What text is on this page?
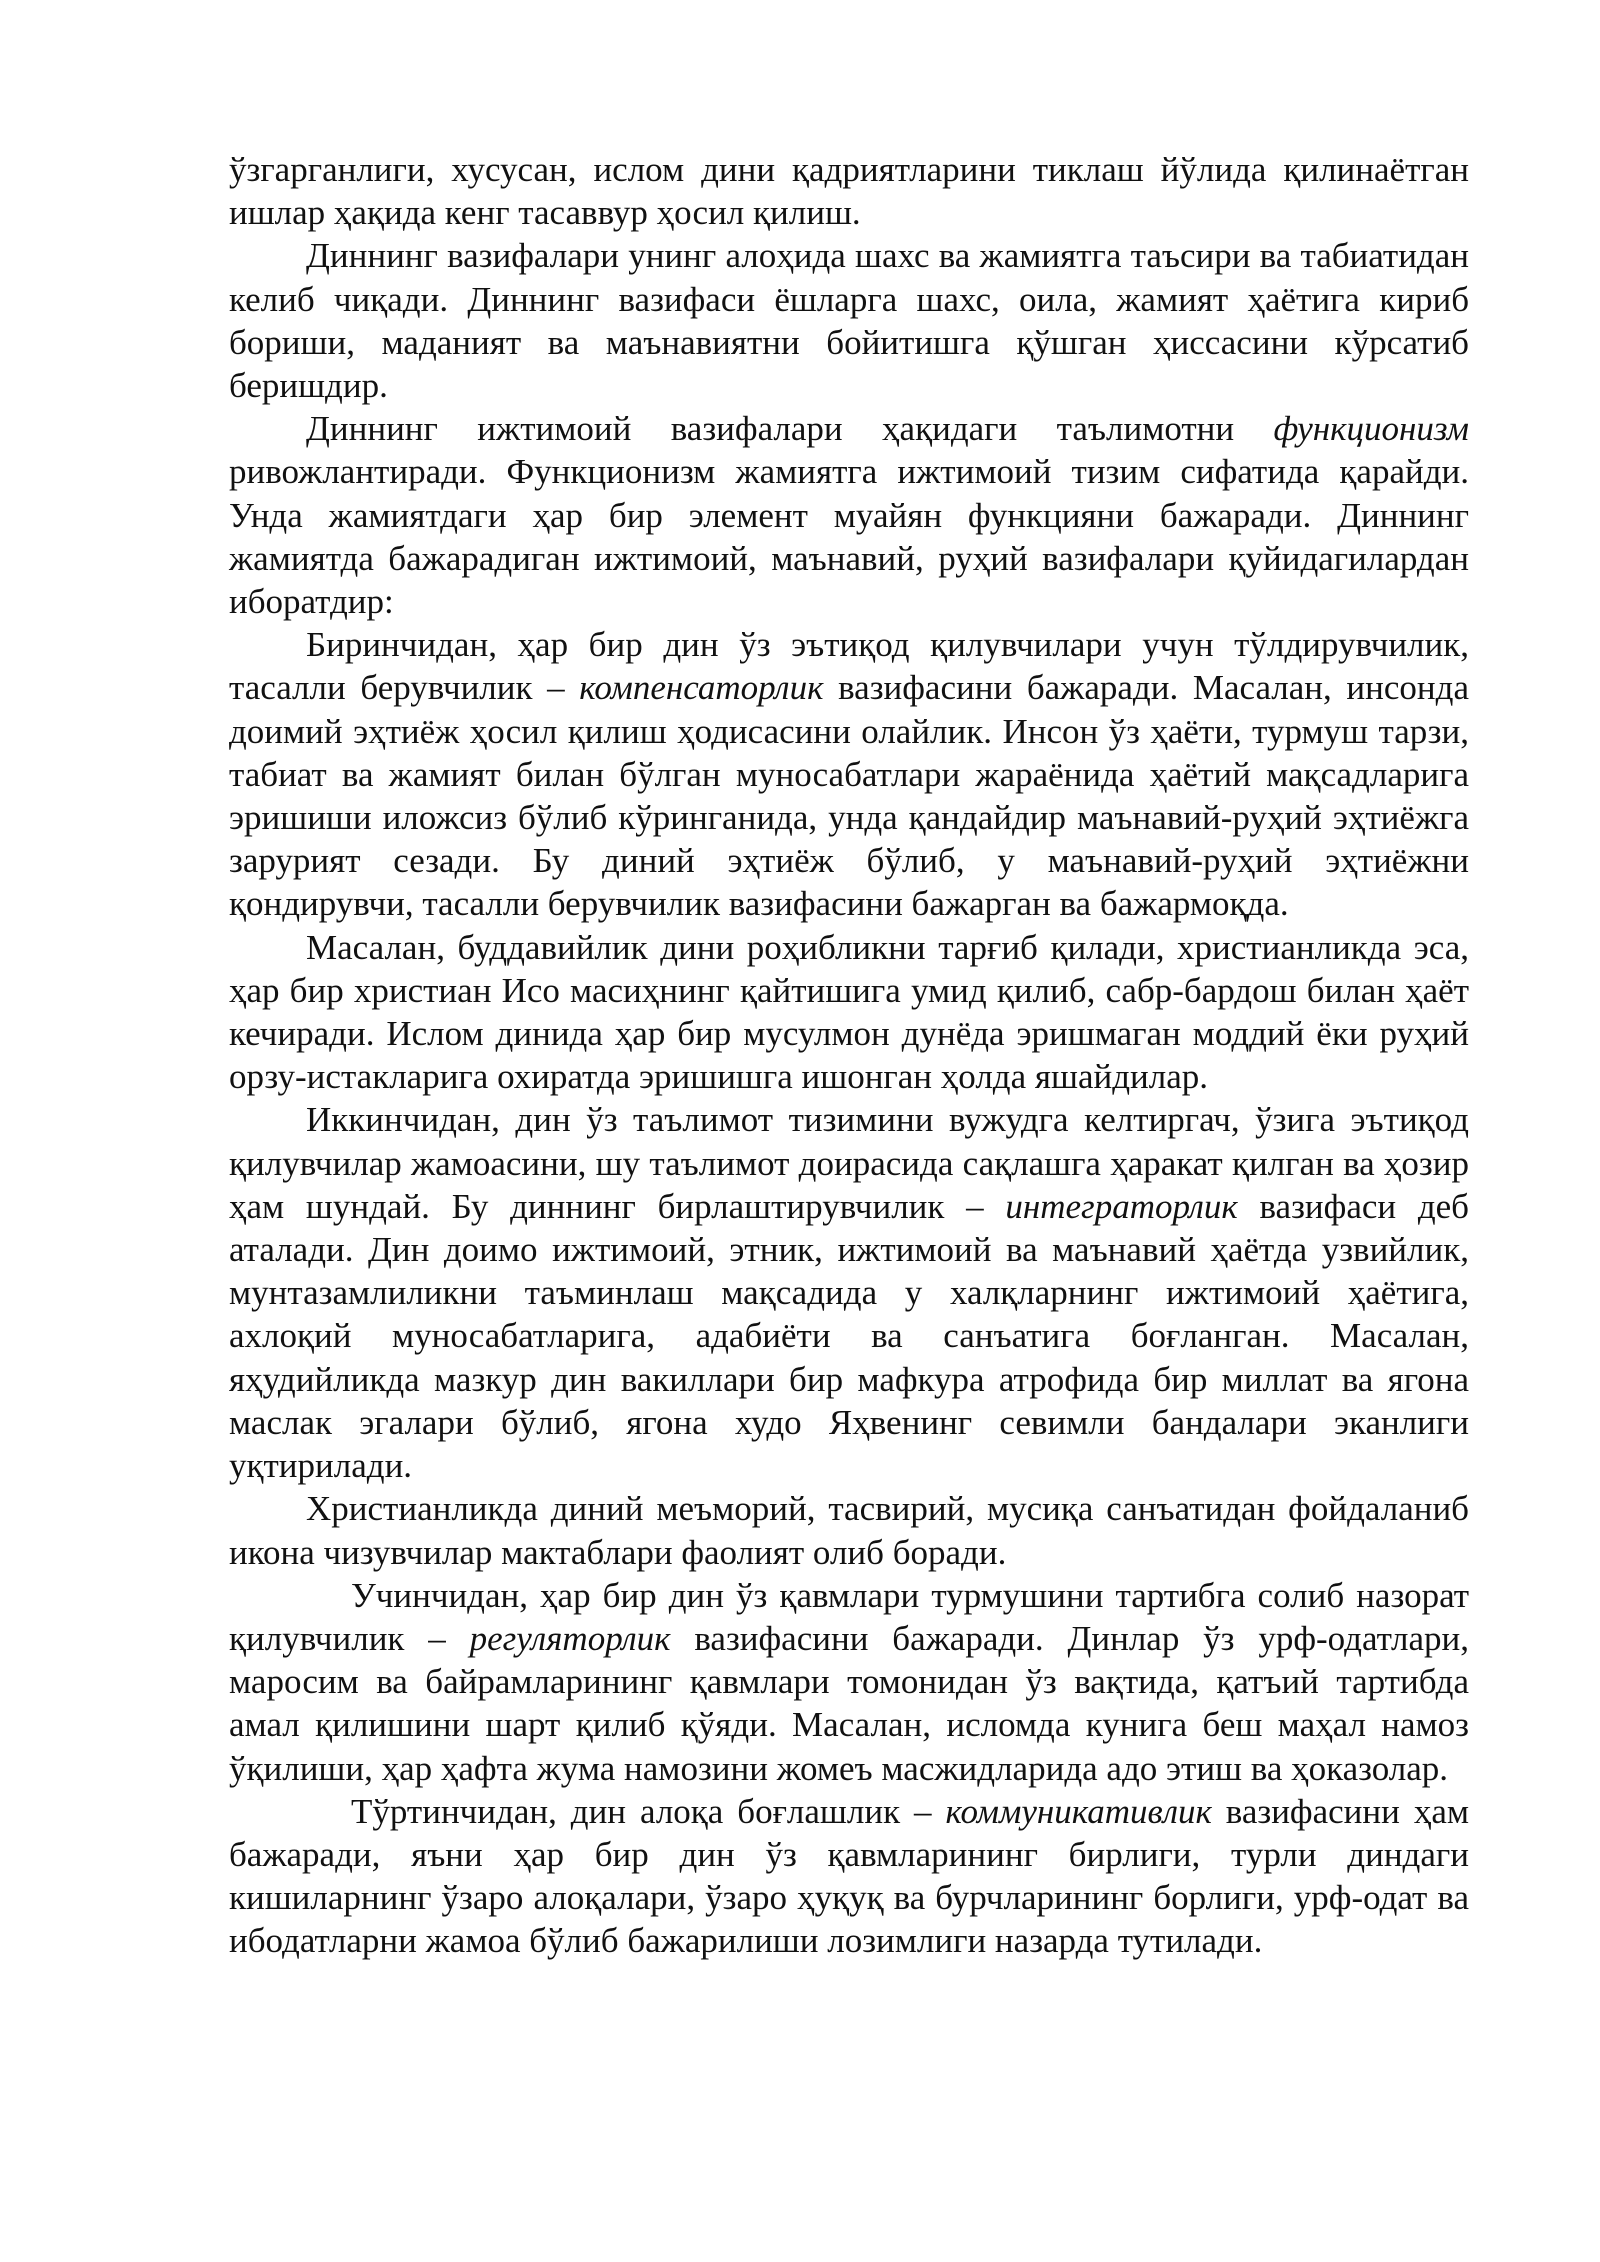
ўзгарганлиги, хусусан, ислом дини қадриятларини тиклаш йўлида қилинаётган ишлар ҳақида кенг тасаввур ҳосил қилиш.

Диннинг вазифалари унинг алоҳида шахс ва жамиятга таъсири ва табиатидан келиб чиқади. Диннинг вазифаси ёшларга шахс, оила, жамият ҳаётига кириб бориши, маданият ва маънавиятни бойитишга қўшган ҳиссасини кўрсатиб беришдир.

Диннинг ижтимоий вазифалари ҳақидаги таълимотни функционизм ривожлантиради. Функционизм жамиятга ижтимоий тизим сифатида қарайди. Унда жамиятдаги ҳар бир элемент муайян функцияни бажаради. Диннинг жамиятда бажарадиган ижтимоий, маънавий, руҳий вазифалари қуйидагилардан иборатдир:

Биринчидан, ҳар бир дин ўз эътиқод қилувчилари учун тўлдирувчилик, тасалли берувчилик – компенсаторлик вазифасини бажаради. Масалан, инсонда доимий эҳтиёж ҳосил қилиш ҳодисасини олайлик. Инсон ўз ҳаёти, турмуш тарзи, табиат ва жамият билан бўлган муносабатлари жараёнида ҳаётий мақсадларига эришиши иложсиз бўлиб кўринганида, унда қандайдир маънавий-руҳий эҳтиёжга зарурият сезади. Бу диний эҳтиёж бўлиб, у маънавий-руҳий эҳтиёжни қондирувчи, тасалли берувчилик вазифасини бажарган ва бажармоқда.

Масалан, буддавийлик дини роҳибликни тарғиб қилади, христианликда эса, ҳар бир христиан Исо масиҳнинг қайтишига умид қилиб, сабр-бардош билан ҳаёт кечиради. Ислом динида ҳар бир мусулмон дунёда эришмаган моддий ёки руҳий орзу-истакларига охиратда эришишга ишонган ҳолда яшайдилар.

Иккинчидан, дин ўз таълимот тизимини вужудга келтиргач, ўзига эътиқод қилувчилар жамоасини, шу таълимот доирасида сақлашга ҳаракат қилган ва ҳозир ҳам шундай. Бу диннинг бирлаштирувчилик – интеграторлик вазифаси деб аталади. Дин доимо ижтимоий, этник, ижтимоий ва маънавий ҳаётда узвийлик, мунтазамлиликни таъминлаш мақсадида у халқларнинг ижтимоий ҳаётига, ахлоқий муносабатларига, адабиёти ва санъатига боғланган. Масалан, яҳудийликда мазкур дин вакиллари бир мафкура атрофида бир миллат ва ягона маслак эгалари бўлиб, ягона худо Яҳвенинг севимли бандалари эканлиги уқтирилади.

Христианликда диний меъморий, тасвирий, мусиқа санъатидан фойдаланиб икона чизувчилар мактаблари фаолият олиб боради.

Учинчидан, ҳар бир дин ўз қавмлари турмушини тартибга солиб назорат қилувчилик – регуляторлик вазифасини бажаради. Динлар ўз урф-одатлари, маросим ва байрамларининг қавмлари томонидан ўз вақтида, қатъий тартибда амал қилишини шарт қилиб қўяди. Масалан, исломда кунига беш маҳал намоз ўқилиши, ҳар ҳафта жума намозини жомеъ масжидларида адо этиш ва ҳоказолар.

Тўртинчидан, дин алоқа боғлашлик – коммуникативлик вазифасини ҳам бажаради, яъни ҳар бир дин ўз қавмларининг бирлиги, турли диндаги кишиларнинг ўзаро алоқалари, ўзаро ҳуқуқ ва бурчларининг борлиги, урф-одат ва ибодатларни жамоа бўлиб бажарилиши лозимлиги назарда тутилади.
